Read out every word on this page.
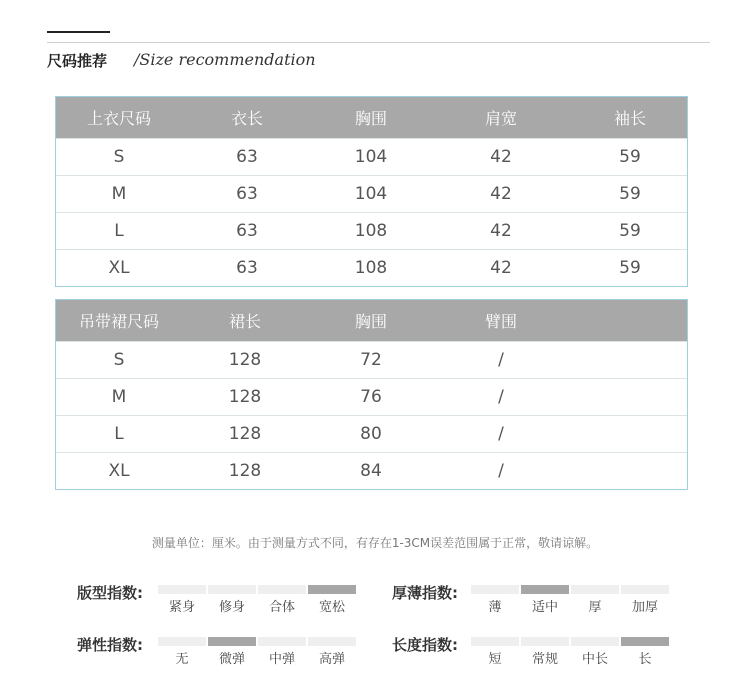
尺码推荐 /Size recommendation
上衣尺码	衣长	胸围	肩宽	袖长
S	63	104	42	59
M	63	104	42	59
L	63	108	42	59
XL	63	108	42	59
吊带裙尺码	裙长	胸围	臂围
S	128	72	/
M	128	76	/
L	128	80	/
XL	128	84	/
测量单位：厘米。由于测量方式不同，有存在1-3CM误差范围属于正常，敬请谅解。
版型指数:	厚薄指数:
弹性指数:	长度指数:
紧身	修身	合体	宽松	薄	适中	厚	加厚
无	微弹	中弹	高弹	短	常规	中长	长
